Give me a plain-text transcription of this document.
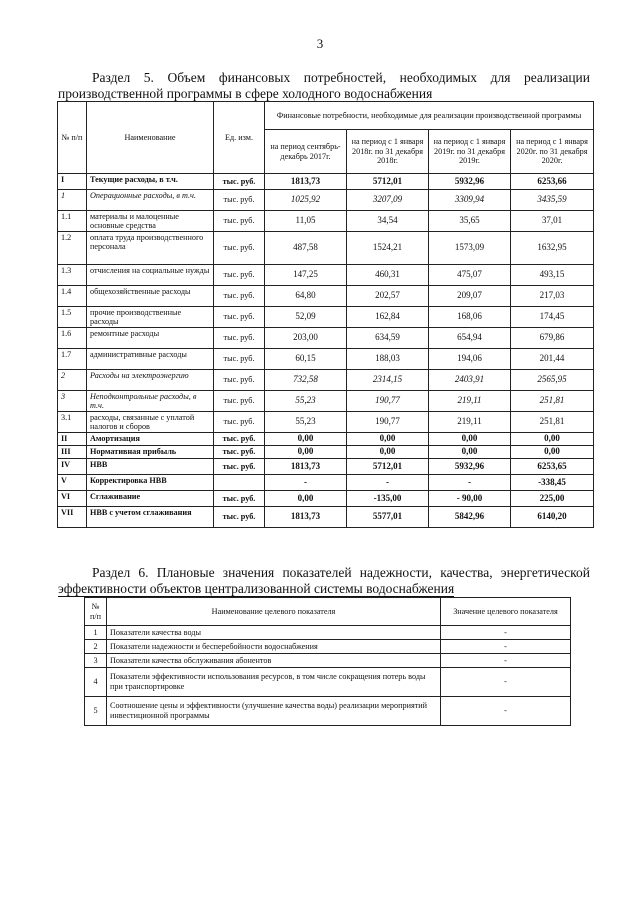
3
Раздел 5. Объем финансовых потребностей, необходимых для реализации
производственной программы в сфере холодного водоснабжения
№ п/п	Наименование	Ед. изм.	Финансовые потребности, необходимые для реализации производственной программы			
			на период сентябрь-декабрь 2017г.	на период с 1 января 2018г. по 31 декабря 2018г.	на период с 1 января 2019г. по 31 декабря 2019г.	на период с 1 января 2020г. по 31 декабря 2020г.
I	Текущие расходы, в т.ч.	тыс. руб.	1813,73	5712,01	5932,96	6253,66
1	Операционные расходы, в т.ч.	тыс. руб.	1025,92	3207,09	3309,94	3435,59
1.1	материалы и малоценные основные средства	тыс. руб.	11,05	34,54	35,65	37,01
1.2	оплата труда производственного персонала	тыс. руб.	487,58	1524,21	1573,09	1632,95
1.3	отчисления на социальные нужды	тыс. руб.	147,25	460,31	475,07	493,15
1.4	общехозяйственные расходы	тыс. руб.	64,80	202,57	209,07	217,03
1.5	прочие производственные расходы	тыс. руб.	52,09	162,84	168,06	174,45
1.6	ремонтные расходы	тыс. руб.	203,00	634,59	654,94	679,86
1.7	административные расходы	тыс. руб.	60,15	188,03	194,06	201,44
2	Расходы на электроэнергию	тыс. руб.	732,58	2314,15	2403,91	2565,95
3	Неподконтрольные расходы, в т.ч.	тыс. руб.	55,23	190,77	219,11	251,81
3.1	расходы, связанные с уплатой налогов и сборов	тыс. руб.	55,23	190,77	219,11	251,81
II	Амортизация	тыс. руб.	0,00	0,00	0,00	0,00
III	Нормативная прибыль	тыс. руб.	0,00	0,00	0,00	0,00
IV	НВВ	тыс. руб.	1813,73	5712,01	5932,96	6253,65
V	Корректировка НВВ		-	-	-	-338,45
VI	Сглаживание	тыс. руб.	0,00	-135,00	- 90,00	225,00
VII	НВВ с учетом сглаживания	тыс. руб.	1813,73	5577,01	5842,96	6140,20
Раздел 6. Плановые значения показателей надежности, качества, энергетической
эффективности объектов централизованной системы водоснабжения
№ п/п	Наименование целевого показателя	Значение целевого показателя
1	Показатели качества воды	-
2	Показатели надежности и бесперебойности водоснабжения	-
3	Показатели качества обслуживания абонентов	-
4	Показатели эффективности использования ресурсов, в том числе сокращения потерь воды при транспортировке	-
5	Соотношение цены и эффективности (улучшение качества воды) реализации мероприятий инвестиционной программы	-
